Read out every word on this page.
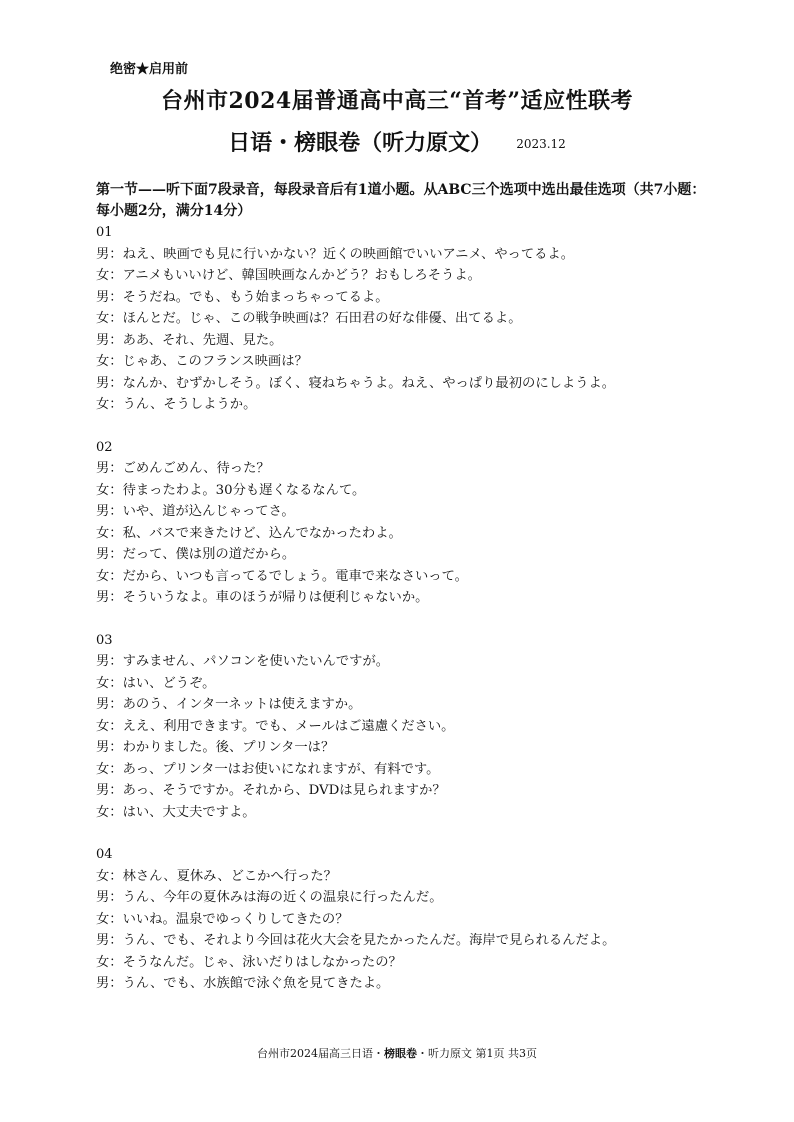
绝密★启用前
台州市2024届普通高中高三“首考”适应性联考
日语・榜眼卷（听力原文） 2023.12
第一节——听下面7段录音，每段录音后有1道小题。从ABC三个选项中选出最佳选项（共7小题：每小题2分，满分14分）
01
男：ねえ、映画でも見に行いかない？近くの映画館でいいアニメ、やってるよ。
女：アニメもいいけど、韓国映画なんかどう？おもしろそうよ。
男：そうだね。でも、もう始まっちゃってるよ。
女：ほんとだ。じゃ、この戦争映画は？石田君の好な俳優、出てるよ。
男：ああ、それ、先週、見た。
女：じゃあ、このフランス映画は？
男：なんか、むずかしそう。ぼく、寝ねちゃうよ。ねえ、やっぱり最初のにしようよ。
女：うん、そうしようか。
02
男：ごめんごめん、待った？
女：待まったわよ。30分も遅くなるなんて。
男：いや、道が込んじゃってさ。
女：私、バスで来きたけど、込んでなかったわよ。
男：だって、僕は別の道だから。
女：だから、いつも言ってるでしょう。電車で来なさいって。
男：そういうなよ。車のほうが帰りは便利じゃないか。
03
男：すみません、パソコンを使いたいんですが。
女：はい、どうぞ。
男：あのう、インタ一ネットは使えますか。
女：ええ、利用できます。でも、メールはご遠慮ください。
男：わかりました。後、プリンタ一は？
女：あっ、プリンタ一はお使いになれますが、有料です。
男：あっ、そうですか。それから、DVDは見られますか？
女：はい、大丈夫ですよ。
04
女：林さん、夏休み、どこかへ行った？
男：うん、今年の夏休みは海の近くの温泉に行ったんだ。
女：いいね。温泉でゆっくりしてきたの？
男：うん、でも、それより今回は花火大会を見たかったんだ。海岸で見られるんだよ。
女：そうなんだ。じゃ、泳いだりはしなかったの？
男：うん、でも、水族館で泳ぐ魚を見てきたよ。
台州市2024届高三日语・榜眼卷・听力原文 第1页 共3页
